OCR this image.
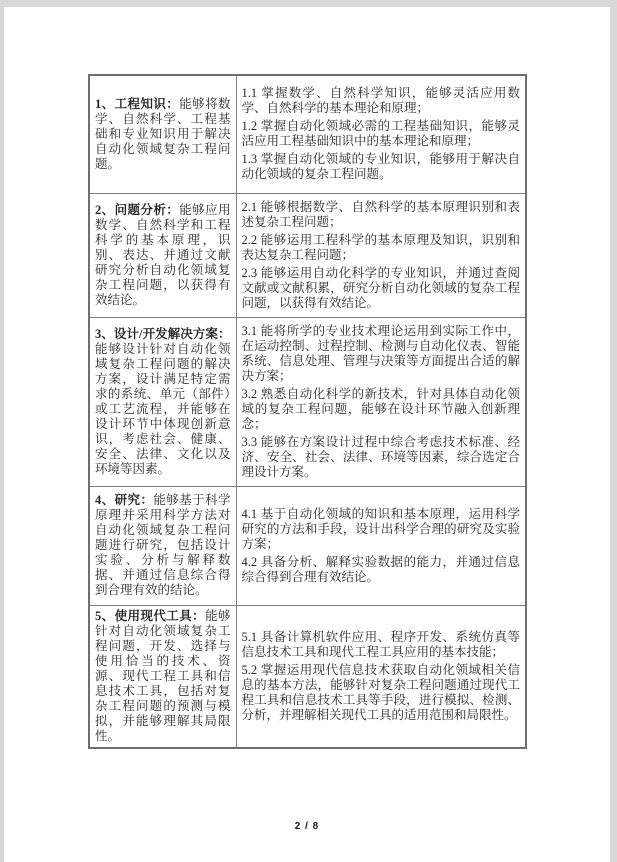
1、工程知识：能够将数学、自然科学、工程基础和专业知识用于解决自动化领域复杂工程问题。	1.1 掌握数学、自然科学知识，能够灵活应用数学、自然科学的基本理论和原理；

1.2 掌握自动化领域必需的工程基础知识，能够灵活应用工程基础知识中的基本理论和原理；

1.3 掌握自动化领域的专业知识，能够用于解决自动化领域的复杂工程问题。

2、问题分析：能够应用数学、自然科学和工程科学的基本原理，识别、表达、并通过文献研究分析自动化领域复杂工程问题，以获得有效结论。	2.1 能够根据数学、自然科学的基本原理识别和表述复杂工程问题；

2.2 能够运用工程科学的基本原理及知识，识别和表达复杂工程问题；

2.3 能够运用自动化科学的专业知识，并通过查阅文献或文献积累，研究分析自动化领域的复杂工程问题，以获得有效结论。

3、设计/开发解决方案：能够设计针对自动化领域复杂工程问题的解决方案，设计满足特定需求的系统、单元（部件）或工艺流程，并能够在设计环节中体现创新意识，考虑社会、健康、安全、法律、文化以及环境等因素。	3.1 能将所学的专业技术理论运用到实际工作中，在运动控制、过程控制、检测与自动化仪表、智能系统、信息处理、管理与决策等方面提出合适的解决方案；

3.2 熟悉自动化科学的新技术，针对具体自动化领域的复杂工程问题，能够在设计环节融入创新理念；

3.3 能够在方案设计过程中综合考虑技术标准、经济、安全、社会、法律、环境等因素，综合选定合理设计方案。

4、研究：能够基于科学原理并采用科学方法对自动化领域复杂工程问题进行研究，包括设计实验、分析与解释数据、并通过信息综合得到合理有效的结论。	4.1 基于自动化领域的知识和基本原理，运用科学研究的方法和手段，设计出科学合理的研究及实验方案；

4.2 具备分析、解释实验数据的能力，并通过信息综合得到合理有效结论。

5、使用现代工具：能够针对自动化领域复杂工程问题，开发、选择与使用恰当的技术、资源、现代工程工具和信息技术工具，包括对复杂工程问题的预测与模拟，并能够理解其局限性。	5.1 具备计算机软件应用、程序开发、系统仿真等信息技术工具和现代工程工具应用的基本技能；

5.2 掌握运用现代信息技术获取自动化领域相关信息的基本方法，能够针对复杂工程问题通过现代工程工具和信息技术工具等手段，进行模拟、检测、分析，并理解相关现代工具的适用范围和局限性。

2 / 8
